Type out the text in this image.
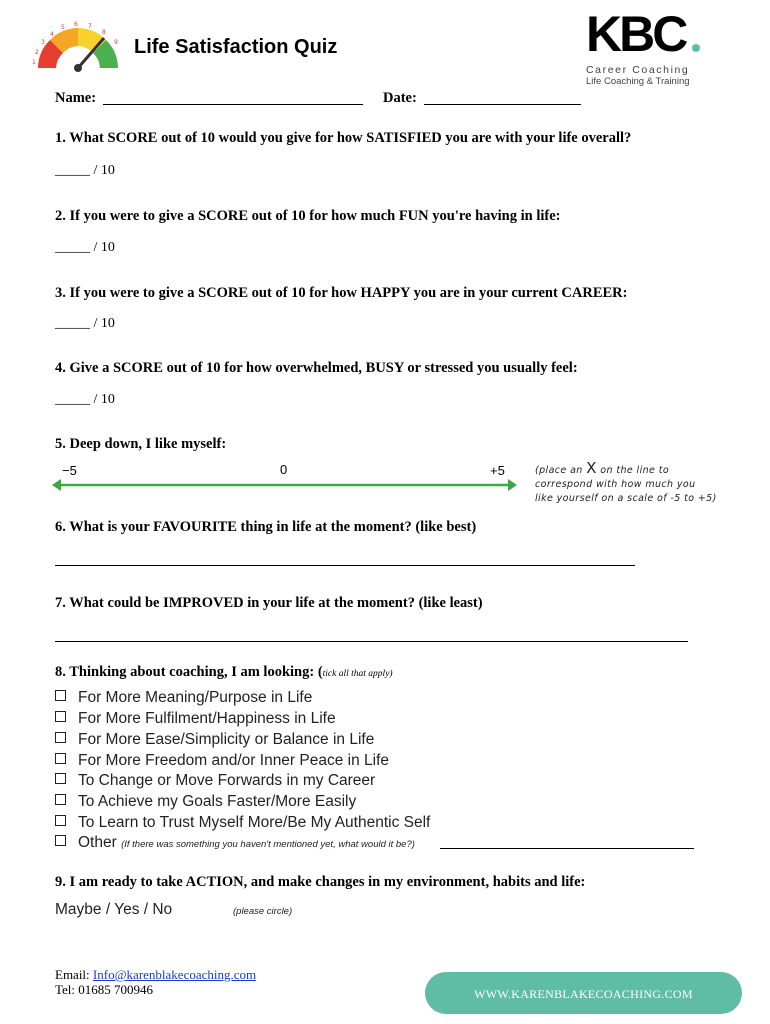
1
2
3
4
5 6 7
8
9 Life Satisfaction Quiz	KBC
Career Coaching
Life Coaching & Training
Name:	Date:
1. What SCORE out of 10 would you give for how SATISFIED you are with your life overall?
_____ / 10
2. If you were to give a SCORE out of 10 for how much FUN you're having in life:
_____ / 10
3. If you were to give a SCORE out of 10 for how HAPPY you are in your current CAREER:
_____ / 10
4. Give a SCORE out of 10 for how overwhelmed, BUSY or stressed you usually feel:
_____ / 10
5. Deep down, I like myself:
−5	0	+5	(place an X on the line to
correspond with how much you
like yourself on a scale of -5 to +5)
6. What is your FAVOURITE thing in life at the moment? (like best)
7. What could be IMPROVED in your life at the moment? (like least)
8. Thinking about coaching, I am looking: (tick all that apply)
For More Meaning/Purpose in Life
For More Fulfilment/Happiness in Life
For More Ease/Simplicity or Balance in Life
For More Freedom and/or Inner Peace in Life
To Change or Move Forwards in my Career
To Achieve my Goals Faster/More Easily
To Learn to Trust Myself More/Be My Authentic Self
Other (If there was something you haven't mentioned yet, what would it be?)
9. I am ready to take ACTION, and make changes in my environment, habits and life:
Maybe / Yes / No	(please circle)
Email: Info@karenblakecoaching.com
Tel: 01685 700946	WWW.KARENBLAKECOACHING.COM
